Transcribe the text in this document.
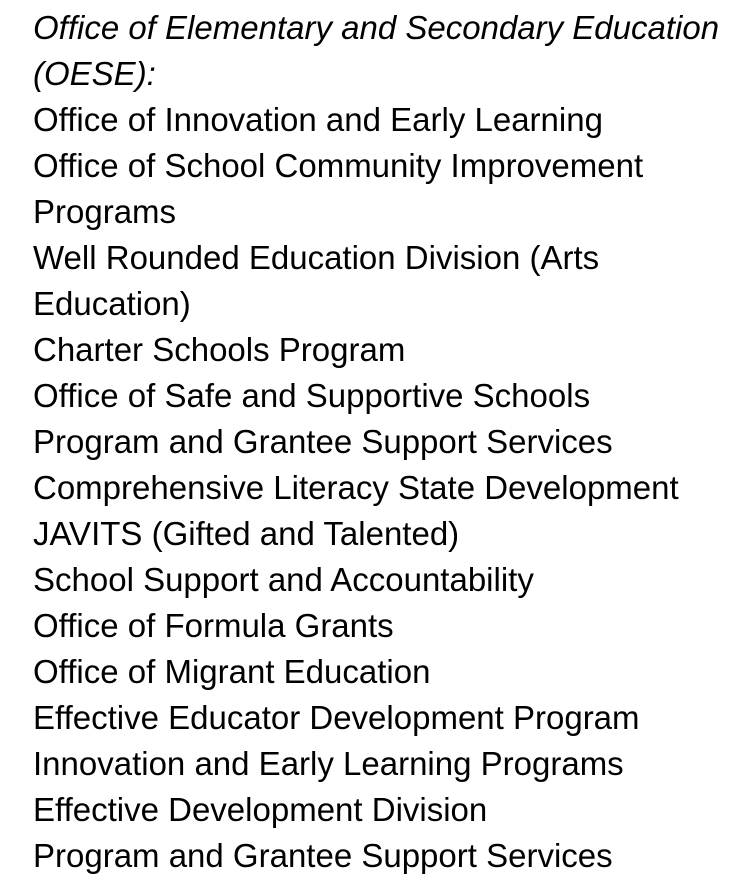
Office of Elementary and Secondary Education (OESE):

Office of Innovation and Early Learning
Office of School Community Improvement Programs
Well Rounded Education Division (Arts Education)
Charter Schools Program
Office of Safe and Supportive Schools
Program and Grantee Support Services
Comprehensive Literacy State Development
JAVITS (Gifted and Talented)
School Support and Accountability
Office of Formula Grants
Office of Migrant Education
Effective Educator Development Program
Innovation and Early Learning Programs
Effective Development Division
Program and Grantee Support Services
